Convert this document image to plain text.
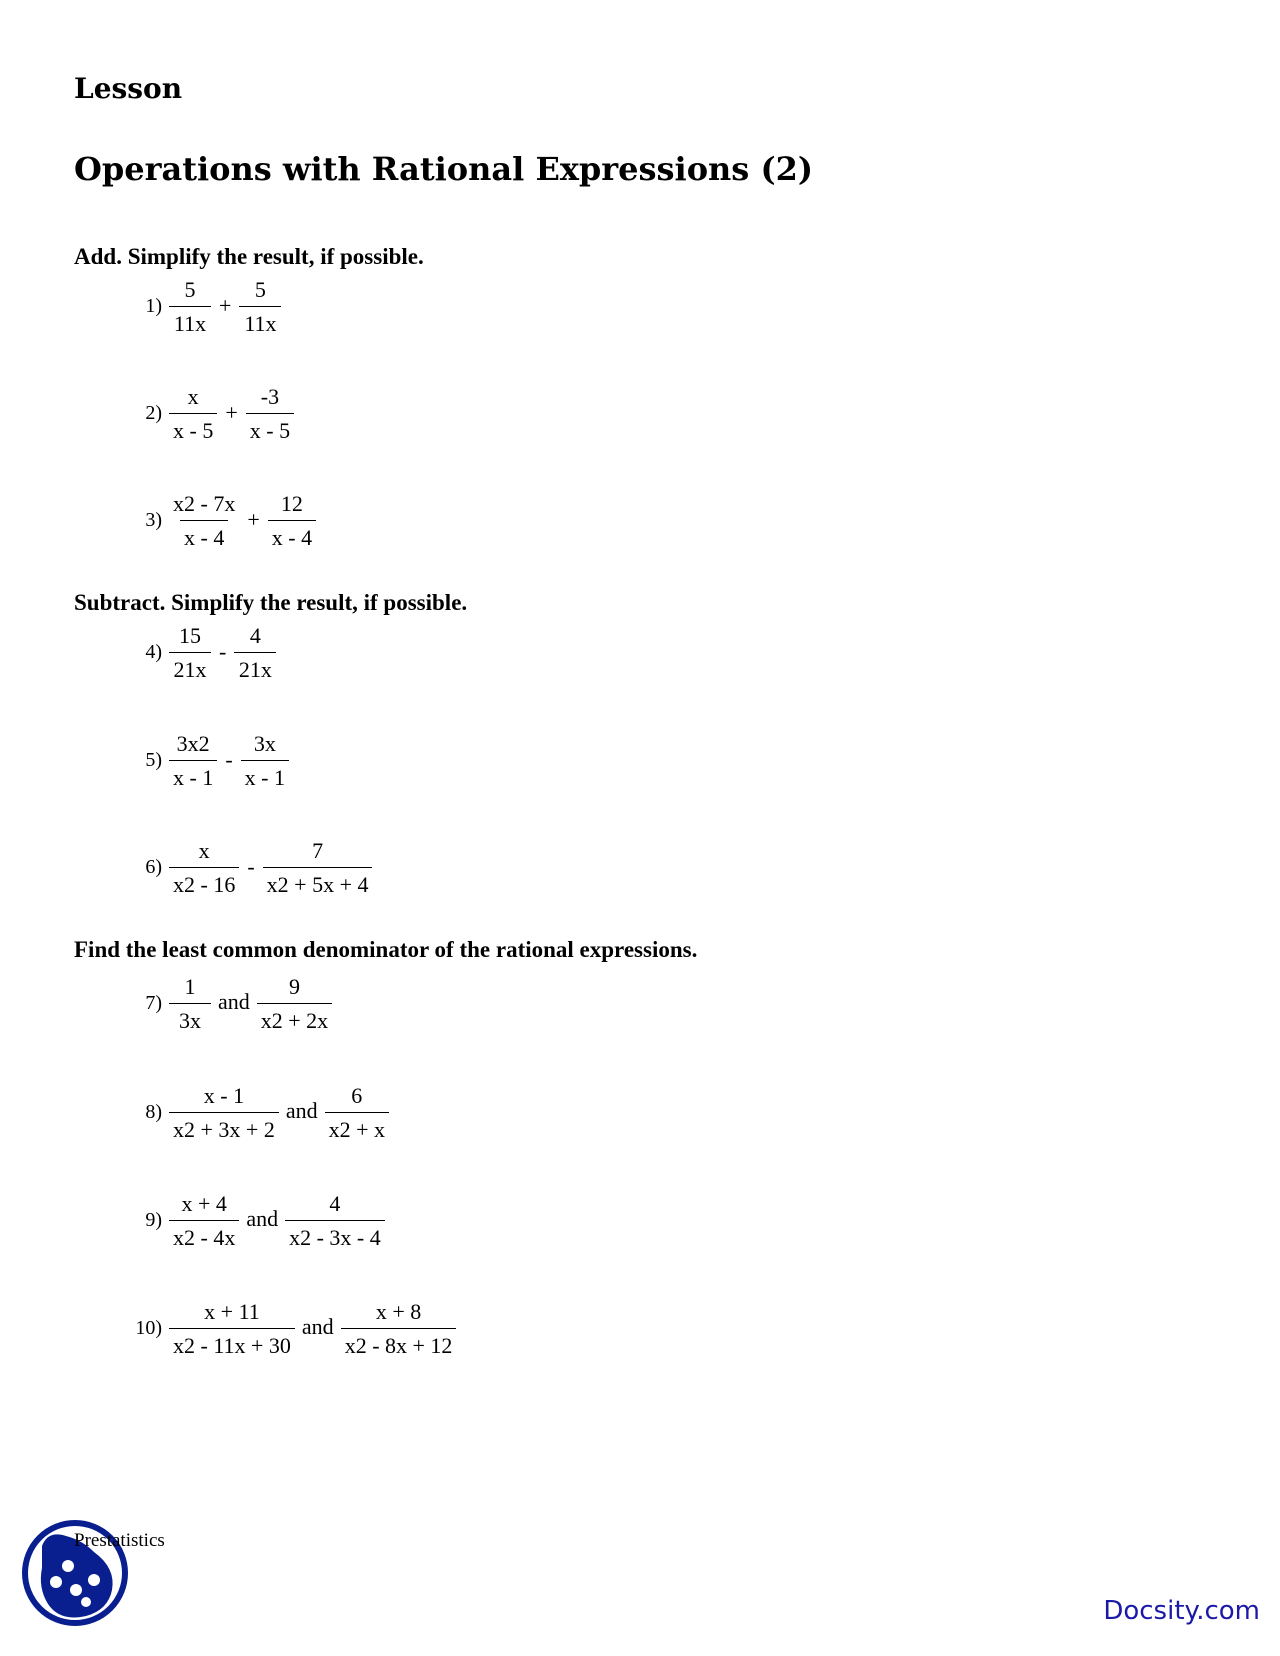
Lesson
Operations with Rational Expressions (2)
Add. Simplify the result, if possible.
Subtract. Simplify the result, if possible.
Find the least common denominator of the rational expressions.
$1) \frac{5}{11x} + \frac{5}{11x}$
$2) \frac{x}{x - 5} + \frac{-3}{x - 5}$
$3) \frac{x2 - 7x}{x - 4} + \frac{12}{x - 4}$
$4) \frac{15}{21x} - \frac{4}{21x}$
$5) \frac{3x2}{x - 1} - \frac{3x}{x - 1}$
$6) \frac{x}{x2 - 16} - \frac{7}{x2 + 5x + 4}$
$7) \frac{1}{3x}$ and $\frac{9}{x2 + 2x}$
$8) \frac{x - 1}{x2 + 3x + 2}$ and $\frac{6}{x2 + x}$
$9) \frac{x + 4}{x2 - 4x}$ and $\frac{4}{x2 - 3x - 4}$
$10) \frac{x + 11}{x2 - 11x + 30}$ and $\frac{x + 8}{x2 - 8x + 12}$
Prestatistics
Docsity.com
